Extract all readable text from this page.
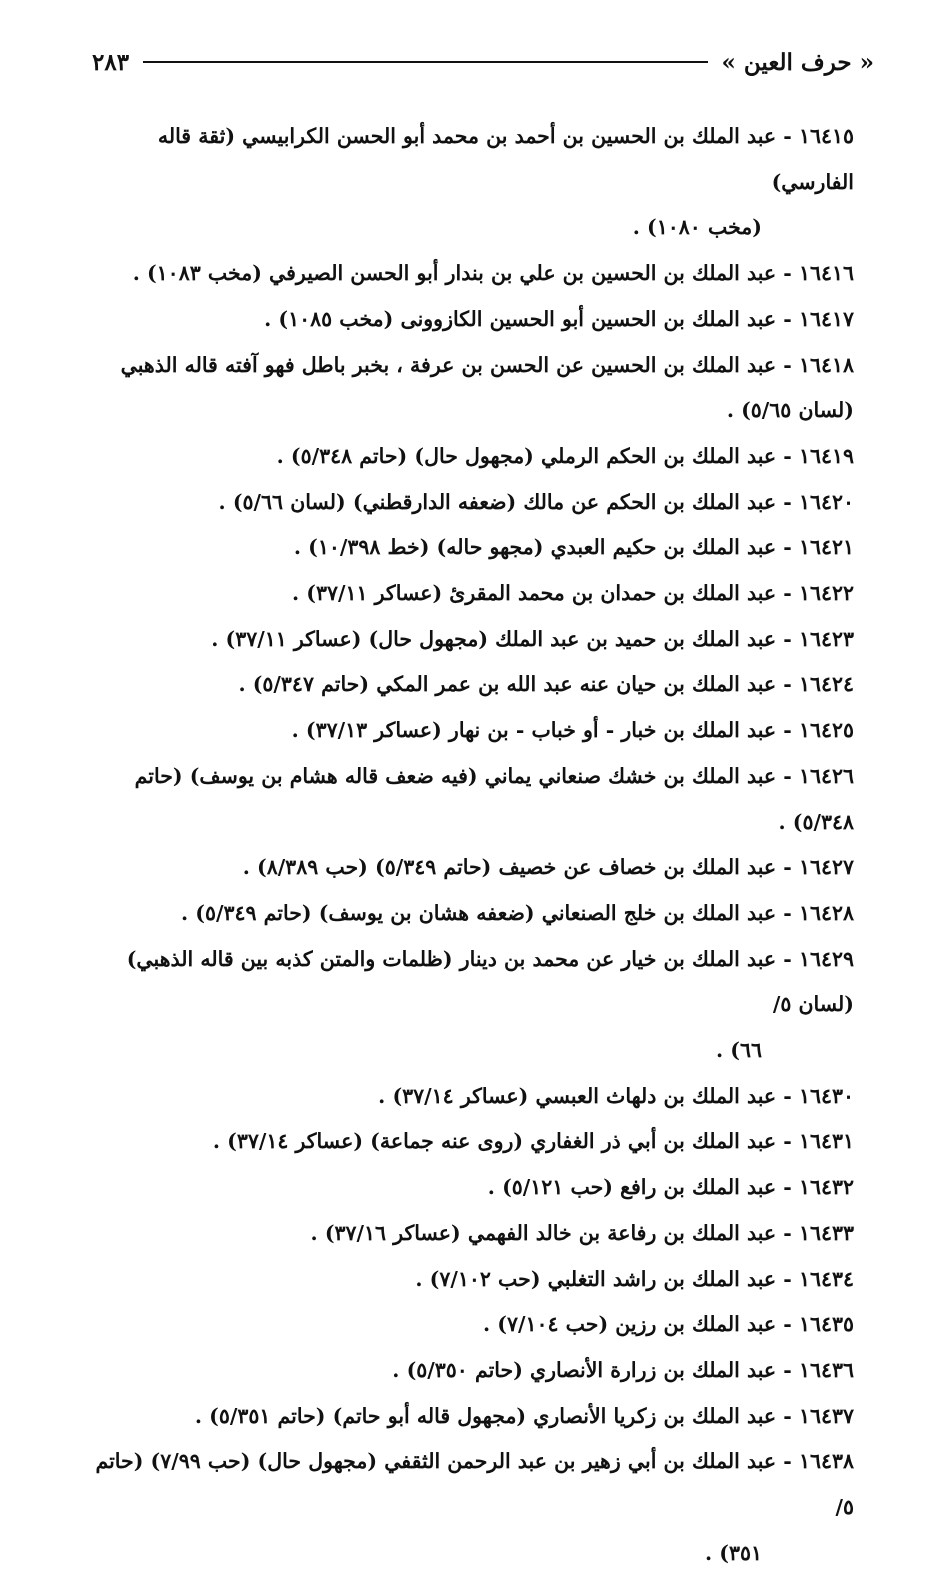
« حرف العين »
٢٨٣

١٦٤١٥ - عبد الملك بن الحسين بن أحمد بن محمد أبو الحسن الكرابيسي (ثقة قاله الفارسي)
(مخب ١٠٨٠) .

١٦٤١٦ - عبد الملك بن الحسين بن علي بن بندار أبو الحسن الصيرفي (مخب ١٠٨٣) .

١٦٤١٧ - عبد الملك بن الحسين أبو الحسين الكازوونى (مخب ١٠٨٥) .

١٦٤١٨ - عبد الملك بن الحسين عن الحسن بن عرفة ، بخبر باطل فهو آفته قاله الذهبي (لسان ٥/٦٥) .

١٦٤١٩ - عبد الملك بن الحكم الرملي (مجهول حال) (حاتم ٥/٣٤٨) .

١٦٤٢٠ - عبد الملك بن الحكم عن مالك (ضعفه الدارقطني) (لسان ٥/٦٦) .

١٦٤٢١ - عبد الملك بن حكيم العبدي (مجهو حاله) (خط ١٠/٣٩٨) .

١٦٤٢٢ - عبد الملك بن حمدان بن محمد المقرئ (عساكر ٣٧/١١) .

١٦٤٢٣ - عبد الملك بن حميد بن عبد الملك (مجهول حال) (عساكر ٣٧/١١) .

١٦٤٢٤ - عبد الملك بن حيان عنه عبد الله بن عمر المكي (حاتم ٥/٣٤٧) .

١٦٤٢٥ - عبد الملك بن خبار - أو خباب - بن نهار (عساكر ٣٧/١٣) .

١٦٤٢٦ - عبد الملك بن خشك صنعاني يماني (فيه ضعف قاله هشام بن يوسف) (حاتم ٥/٣٤٨) .

١٦٤٢٧ - عبد الملك بن خصاف عن خصيف (حاتم ٥/٣٤٩) (حب ٨/٣٨٩) .

١٦٤٢٨ - عبد الملك بن خلج الصنعاني (ضعفه هشان بن يوسف) (حاتم ٥/٣٤٩) .

١٦٤٢٩ - عبد الملك بن خيار عن محمد بن دينار (ظلمات والمتن كذبه بين قاله الذهبي) (لسان ٥/
٦٦) .

١٦٤٣٠ - عبد الملك بن دلهاث العبسي (عساكر ٣٧/١٤) .

١٦٤٣١ - عبد الملك بن أبي ذر الغفاري (روى عنه جماعة) (عساكر ٣٧/١٤) .

١٦٤٣٢ - عبد الملك بن رافع (حب ٥/١٢١) .

١٦٤٣٣ - عبد الملك بن رفاعة بن خالد الفهمي (عساكر ٣٧/١٦) .

١٦٤٣٤ - عبد الملك بن راشد التغلبي (حب ٧/١٠٢) .

١٦٤٣٥ - عبد الملك بن رزين (حب ٧/١٠٤) .

١٦٤٣٦ - عبد الملك بن زرارة الأنصاري (حاتم ٥/٣٥٠) .

١٦٤٣٧ - عبد الملك بن زكريا الأنصاري (مجهول قاله أبو حاتم) (حاتم ٥/٣٥١) .

١٦٤٣٨ - عبد الملك بن أبي زهير بن عبد الرحمن الثقفي (مجهول حال) (حب ٧/٩٩) (حاتم ٥/
٣٥١) .
